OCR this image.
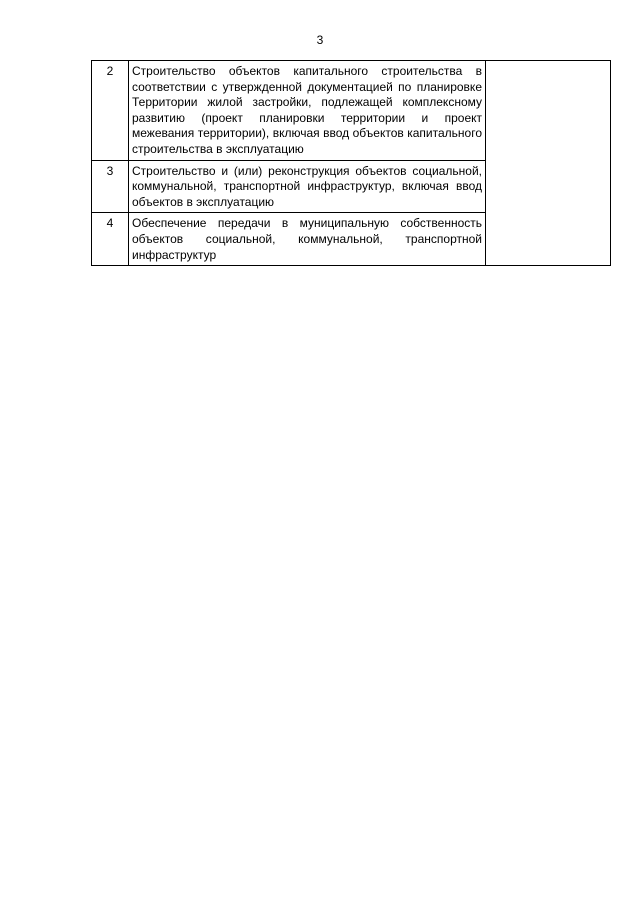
3
2	Строительство объектов капитального строительства в соответствии с утвержденной документацией по планировке Территории жилой застройки, подлежащей комплексному развитию (проект планировки территории и проект межевания территории), включая ввод объектов капитального строительства в эксплуатацию	
3	Строительство и (или) реконструкция объектов социальной, коммунальной, транспортной инфраструктур, включая ввод объектов в эксплуатацию	
4	Обеспечение передачи в муниципальную собственность объектов социальной, коммунальной, транспортной инфраструктур	
